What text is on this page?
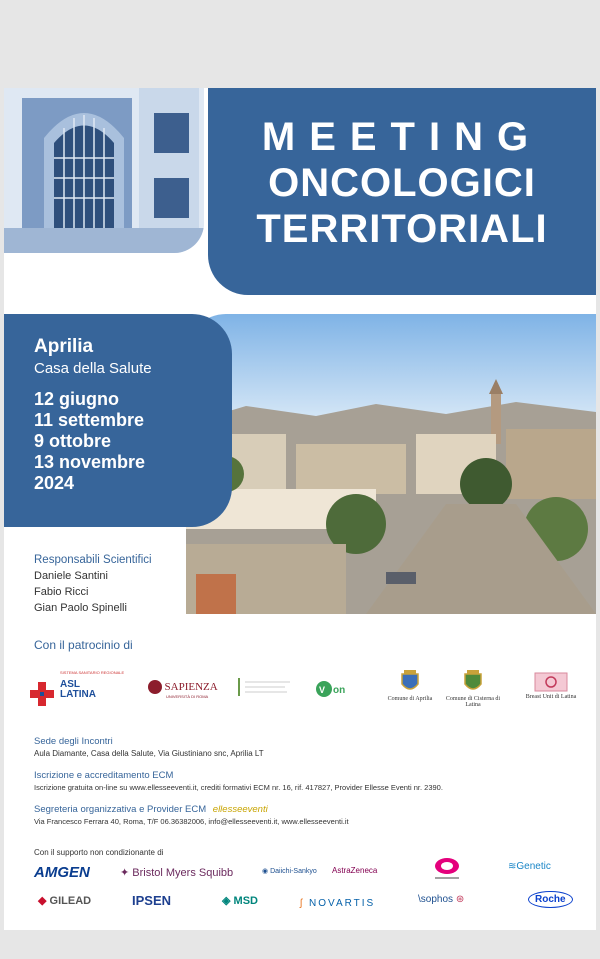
MEETING
ONCOLOGICI
TERRITORIALI
Aprilia
Casa della Salute
12 giugno
11 settembre
9 ottobre
13 novembre
2024
Responsabili Scientifici
Daniele Santini
Fabio Ricci
Gian Paolo Spinelli
Con il patrocinio di
SISTEMA SANITARIO REGIONALE
ASL LATINA
SAPIENZA
UNIVERSITÀ DI ROMA
V on
Comune di Aprilia	Comune di Cisterna di Latina
Breast Unit di Latina
Sede degli Incontri
Aula Diamante, Casa della Salute, Via Giustiniano snc, Aprilia LT
Iscrizione e accreditamento ECM
Iscrizione gratuita on-line su www.ellesseeventi.it, crediti formativi ECM nr. 16, rif. 417827, Provider Ellesse Eventi nr. 2390.
Segreteria organizzativa e Provider ECM ellesseeventi
Via Francesco Ferrara 40, Roma, T/F 06.36382006, info@ellesseeventi.it, www.ellesseeventi.it
Con il supporto non condizionante di
AMGEN	✦ Bristol Myers Squibb	◉ Daiichi-Sankyo AstraZeneca	≋Genetic
◆ GILEAD	IPSEN	◈ MSD	ʃ NOVARTIS	\sophos ⊛	Roche
